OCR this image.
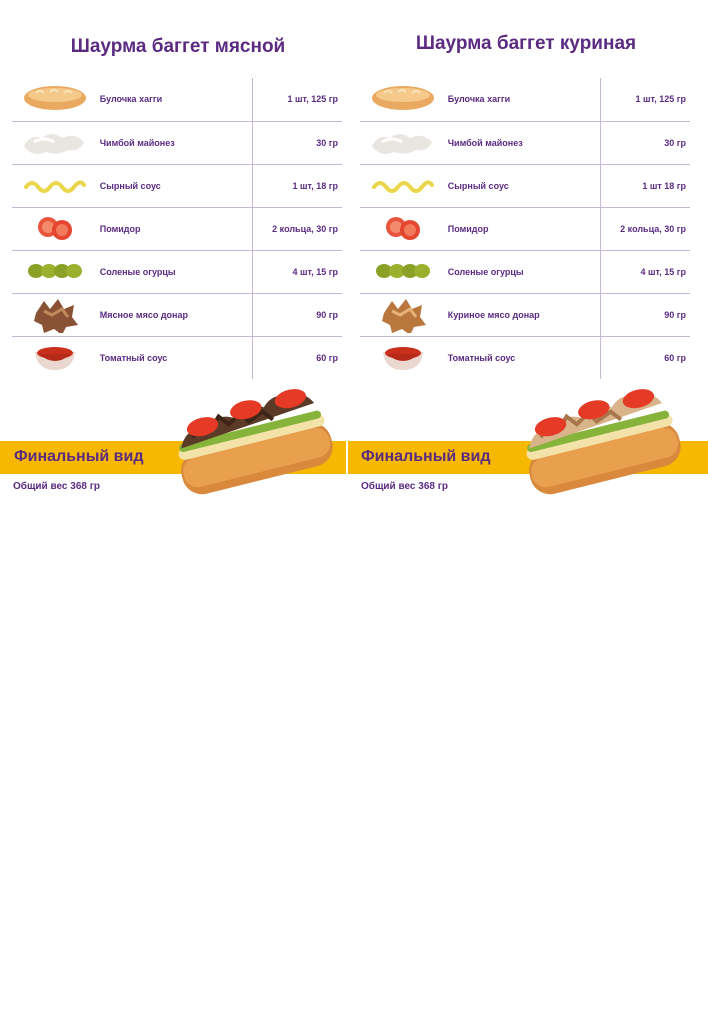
Шаурма баггет мясной
	Булочка хагги	1 шт, 125 гр
	Чимбой майонез	30 гр
	Сырный соус	1 шт, 18 гр
	Помидор	2 кольца, 30 гр
	Соленые огурцы	4 шт, 15 гр
	Мясное мясо донар	90 гр
	Томатный соус	60 гр
Шаурма баггет куриная
	Булочка хагги	1 шт, 125 гр
	Чимбой майонез	30 гр
	Сырный соус	1 шт 18 гр
	Помидор	2 кольца, 30 гр
	Соленые огурцы	4 шт, 15 гр
	Куриное мясо донар	90 гр
	Томатный соус	60 гр
Финальный вид	Финальный вид
Общий вес 368 гр	Общий вес 368 гр
